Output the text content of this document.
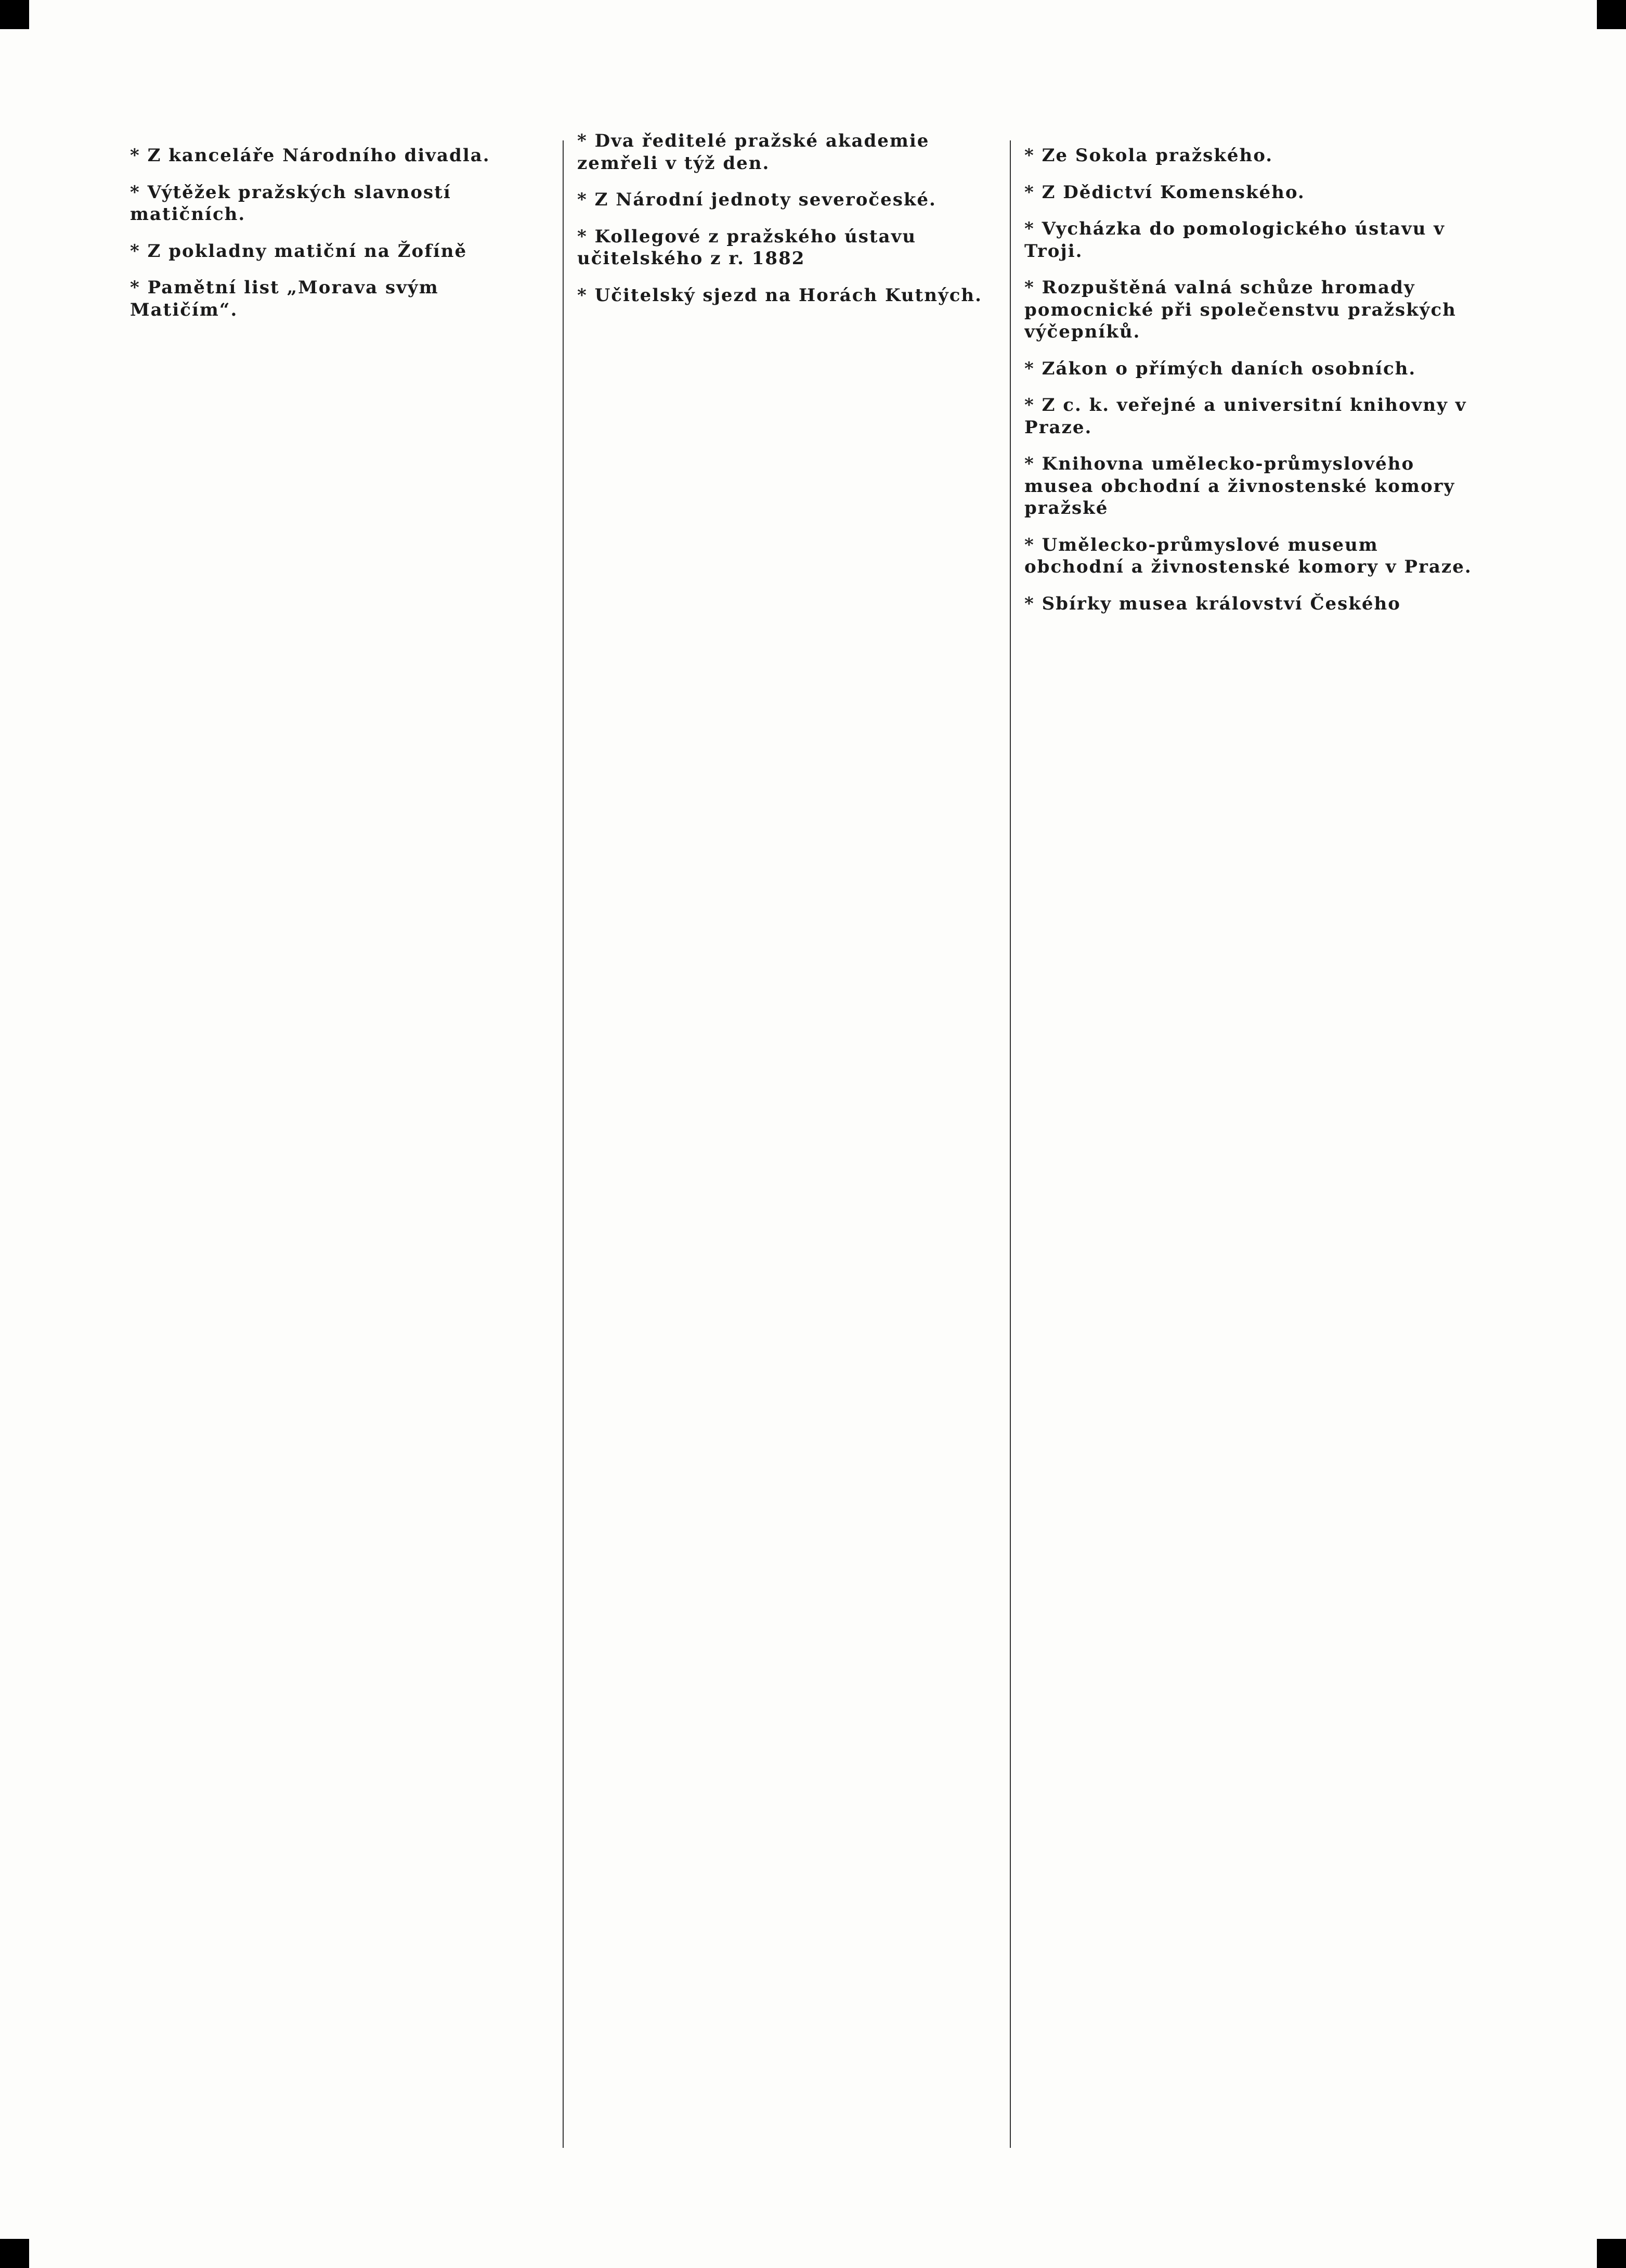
* Z kanceláře Národního divadla.

* Výtěžek pražských slavností matičních.

* Z pokladny matiční na Žofíně

* Pamětní list „Morava svým Matičím“.

* Dva ředitelé pražské akademie zemřeli v týž den.

* Z Národní jednoty severočeské.

* Kollegové z pražského ústavu učitelského z r. 1882

* Učitelský sjezd na Horách Kutných.

* Ze Sokola pražského.

* Z Dědictví Komenského.

* Vycházka do pomologického ústavu v Troji.

* Rozpuštěná valná schůze hromady pomocnické při společenstvu pražských výčepníků.

* Zákon o přímých daních osobních.

* Z c. k. veřejné a universitní knihovny v Praze.

* Knihovna umělecko-průmyslového musea obchodní a živnostenské komory pražské

* Umělecko-průmyslové museum obchodní a živnostenské komory v Praze.

* Sbírky musea království Českého
